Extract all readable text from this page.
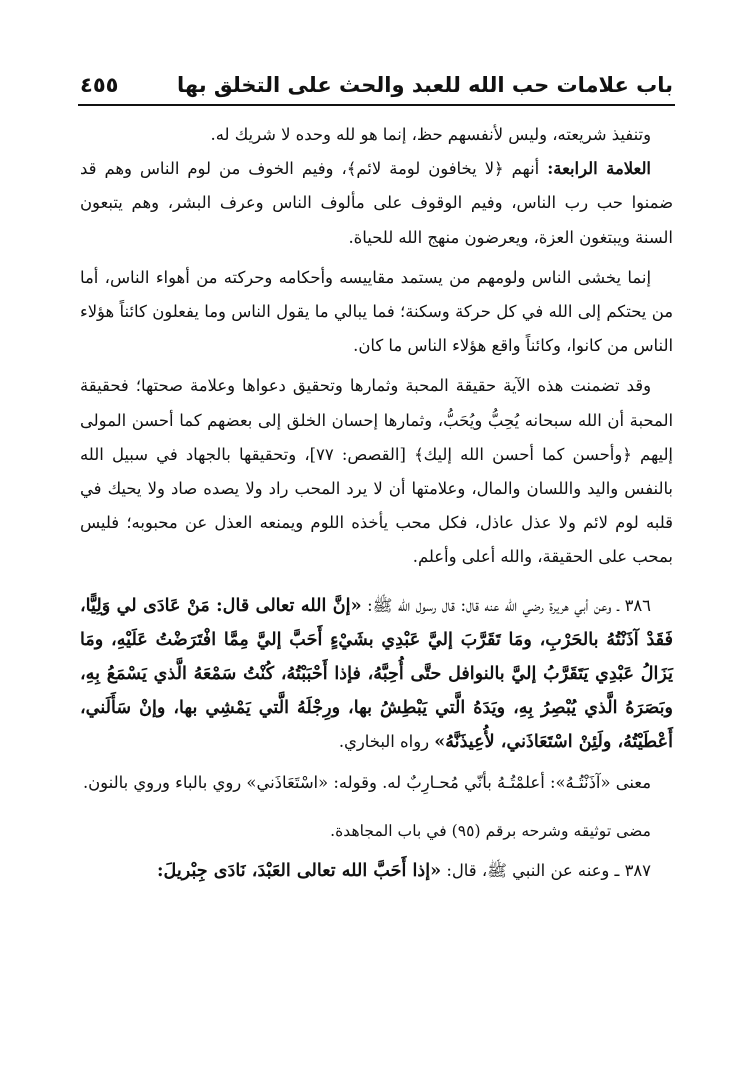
باب علامات حب الله للعبد والحث على التخلق بها
٤٥٥

وتنفيذ شريعته، وليس لأنفسهم حظ، إنما هو لله وحده لا شريك له.

العلامة الرابعة: أنهم ﴿لا يخافون لومة لائم﴾، وفيم الخوف من لوم الناس وهم قد ضمنوا حب رب الناس، وفيم الوقوف على مألوف الناس وعرف البشر، وهم يتبعون السنة ويبتغون العزة، ويعرضون منهج الله للحياة.

إنما يخشى الناس ولومهم من يستمد مقاييسه وأحكامه وحركته من أهواء الناس، أما من يحتكم إلى الله في كل حركة وسكنة؛ فما يبالي ما يقول الناس وما يفعلون كائناً هؤلاء الناس من كانوا، وكائناً واقع هؤلاء الناس ما كان.

وقد تضمنت هذه الآية حقيقة المحبة وثمارها وتحقيق دعواها وعلامة صحتها؛ فحقيقة المحبة أن الله سبحانه يُحِبُّ ويُحَبُّ، وثمارها إحسان الخلق إلى بعضهم كما أحسن المولى إليهم ﴿وأحسن كما أحسن الله إليك﴾ [القصص: ٧٧]، وتحقيقها بالجهاد في سبيل الله بالنفس واليد واللسان والمال، وعلامتها أن لا يرد المحب راد ولا يصده صاد ولا يحيك في قلبه لوم لائم ولا عذل عاذل، فكل محب يأخذه اللوم ويمنعه العذل عن محبوبه؛ فليس بمحب على الحقيقة، والله أعلى وأعلم.

٣٨٦ ـ وعن أبي هريرة رضي الله عنه قال: قال رسول الله ﷺ: «إنَّ الله تعالى قال: مَنْ عَادَى لي وَلِيًّا، فَقَدْ آذَنْتُهُ بالحَرْبِ، ومَا تَقَرَّبَ إليَّ عَبْدِي بشَيْءٍ أَحَبَّ إليَّ مِمَّا افْتَرَضْتُ عَلَيْهِ، ومَا يَزَالُ عَبْدِي يَتَقَرَّبُ إليَّ بالنوافل حتَّى أُحِبَّهُ، فإذا أَحْبَبْتُهُ، كُنْتُ سَمْعَهُ الَّذي يَسْمَعُ بِهِ، وبَصَرَهُ الَّذي يُبْصِرُ بِهِ، ويَدَهُ الَّتي يَبْطِشُ بها، ورِجْلَهُ الَّتي يَمْشِي بها، وإنْ سَأَلَني، أَعْطَيْتُهُ، ولَئِنْ اسْتَعَاذَني، لأُعِيذَنَّهُ» رواه البخاري.

معنى «آذَنْتُـهُ»: أعلمْتُـهُ بأنّي مُحـارِبٌ له. وقوله: «اسْتَعَاذَني» روي بالباء وروي بالنون.

مضى توثيقه وشرحه برقم (٩٥) في باب المجاهدة.

٣٨٧ ـ وعنه عن النبي ﷺ، قال: «إذا أَحَبَّ الله تعالى العَبْدَ، نَادَى جِبْريلَ:
